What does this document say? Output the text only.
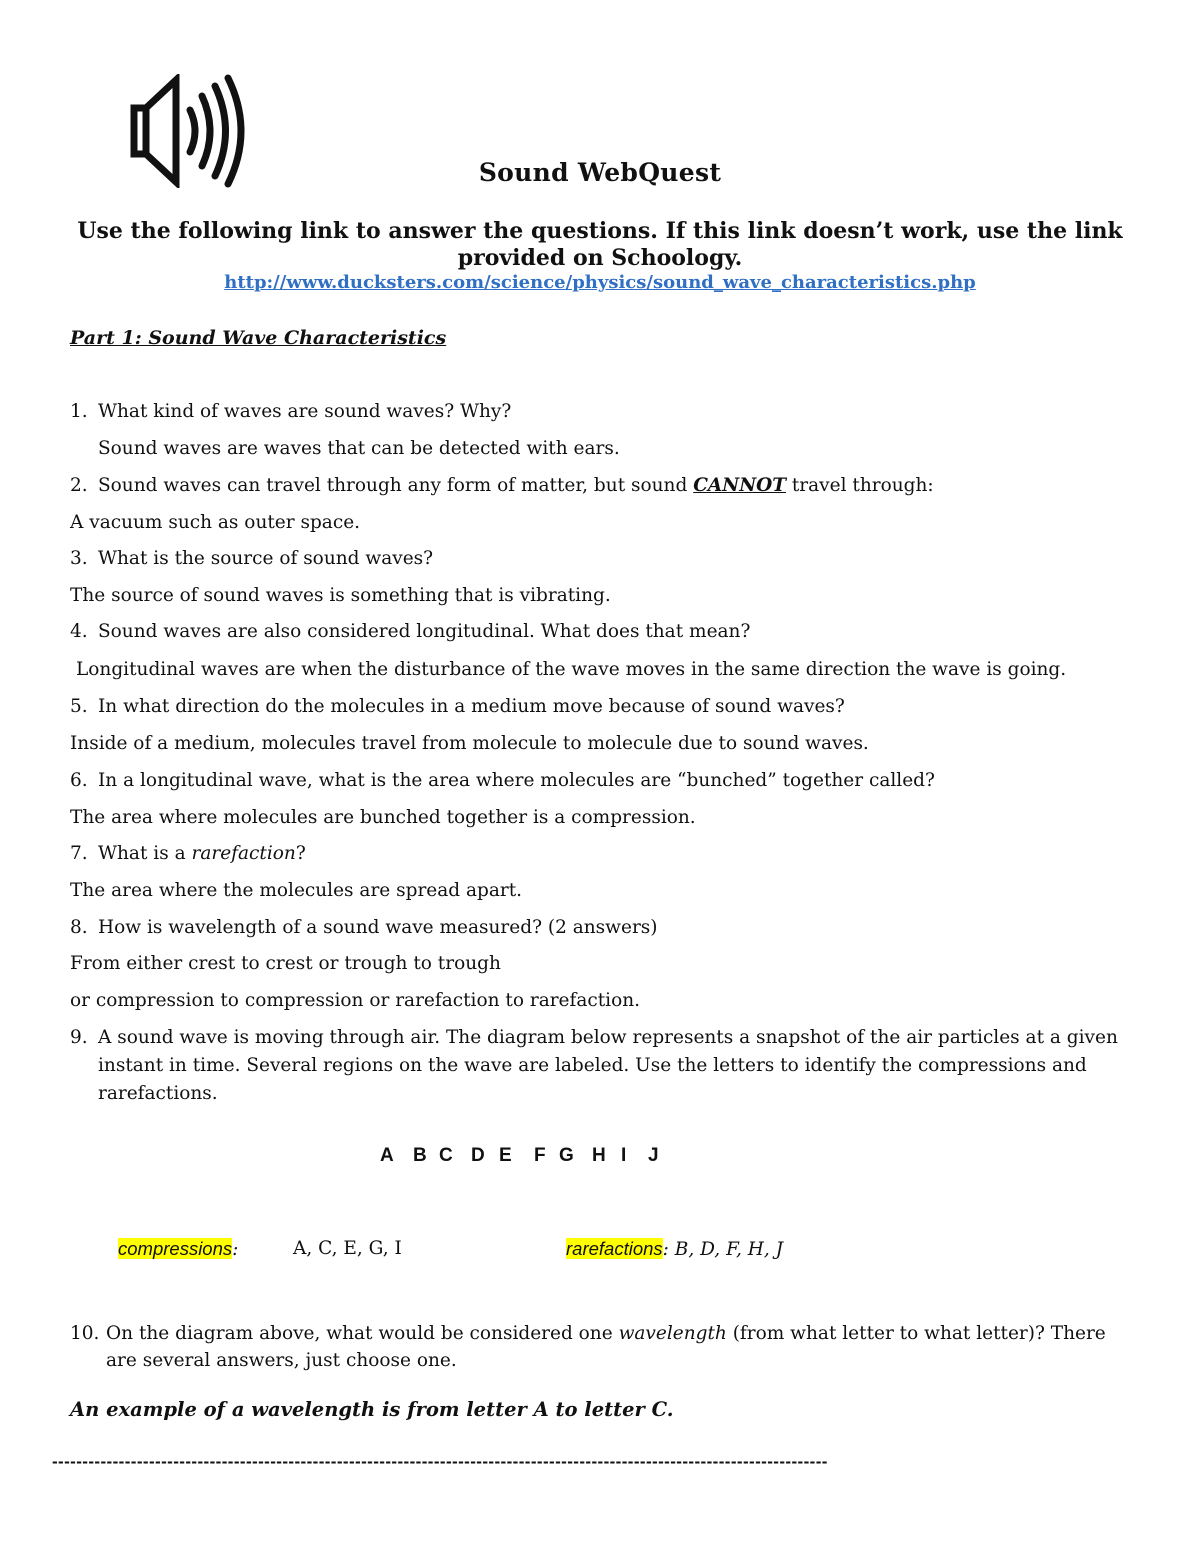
Sound WebQuest
Use the following link to answer the questions. If this link doesn’t work, use the link provided on Schoology.
http://www.ducksters.com/science/physics/sound_wave_characteristics.php
Part 1: Sound Wave Characteristics
1. What kind of waves are sound waves? Why?
Sound waves are waves that can be detected with ears.
2. Sound waves can travel through any form of matter, but sound CANNOT travel through:
A vacuum such as outer space.
3. What is the source of sound waves?
The source of sound waves is something that is vibrating.
4. Sound waves are also considered longitudinal. What does that mean?
Longitudinal waves are when the disturbance of the wave moves in the same direction the wave is going.
5. In what direction do the molecules in a medium move because of sound waves?
Inside of a medium, molecules travel from molecule to molecule due to sound waves.
6. In a longitudinal wave, what is the area where molecules are “bunched” together called?
The area where molecules are bunched together is a compression.
7. What is a rarefaction?
The area where the molecules are spread apart.
8. How is wavelength of a sound wave measured? (2 answers)
From either crest to crest or trough to trough
or compression to compression or rarefaction to rarefaction.
9. A sound wave is moving through air. The diagram below represents a snapshot of the air particles at a given instant in time. Several regions on the wave are labeled. Use the letters to identify the compressions and rarefactions.
A B C D E F G H I J
compressions:	A, C, E, G, I	rarefactions: B, D, F, H, J
10. On the diagram above, what would be considered one wavelength (from what letter to what letter)? There are several answers, just choose one.
An example of a wavelength is from letter A to letter C.
--------------------------------------------------------------------------------------------------------------------------------
